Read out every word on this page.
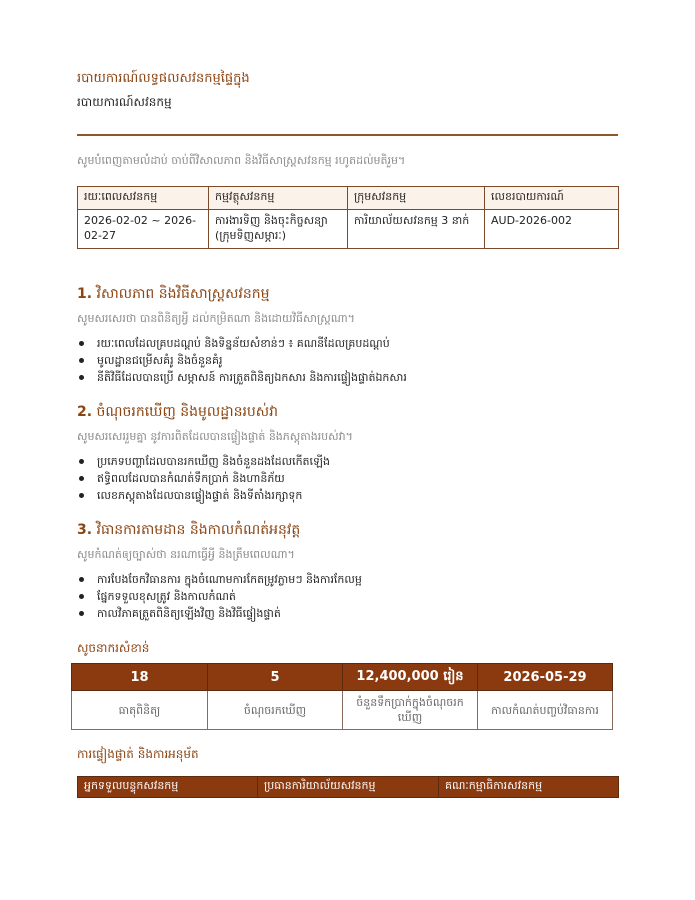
របាយការណ៍លទ្ធផលសវនកម្មផ្ទៃក្នុង
របាយការណ៍សវនកម្ម
សូមបំពេញតាមលំដាប់ ចាប់ពីវិសាលភាព និងវិធីសាស្ត្រសវនកម្ម រហូតដល់មតិរួម។
រយៈពេលសវនកម្ម	កម្មវត្ថុសវនកម្ម	ក្រុមសវនកម្ម	លេខរបាយការណ៍
2026-02-02 ~ 2026-02-27	ការងារទិញ និងចុះកិច្ចសន្យា (ក្រុមទិញសម្ភារៈ)	ការិយាល័យសវនកម្ម 3 នាក់	AUD-2026-002
1. វិសាលភាព និងវិធីសាស្ត្រសវនកម្ម
សូមសរសេរថា បានពិនិត្យអ្វី ដល់កម្រិតណា និងដោយវិធីសាស្ត្រណា។
រយៈពេលដែលគ្របដណ្តប់ និងទិន្នន័យសំខាន់ៗ ៖ គណនីដែលគ្របដណ្តប់
មូលដ្ឋានជម្រើសគំរូ និងចំនួនគំរូ
នីតិវិធីដែលបានប្រើ សម្ភាសន៍ ការត្រួតពិនិត្យឯកសារ និងការផ្ទៀងផ្ទាត់ឯកសារ
2. ចំណុចរកឃើញ និងមូលដ្ឋានរបស់វា
សូមសរសេររួមគ្នា នូវការពិតដែលបានផ្ទៀងផ្ទាត់ និងភស្តុតាងរបស់វា។
ប្រភេទបញ្ហាដែលបានរកឃើញ និងចំនួនដងដែលកើតឡើង
ឥទ្ធិពលដែលបានកំណត់ទឹកប្រាក់ និងហានិភ័យ
លេខភស្តុតាងដែលបានផ្ទៀងផ្ទាត់ និងទីតាំងរក្សាទុក
3. វិធានការតាមដាន និងកាលកំណត់អនុវត្ត
សូមកំណត់ឲ្យច្បាស់ថា នរណាធ្វើអ្វី និងត្រឹមពេលណា។
ការបែងចែកវិធានការ ក្នុងចំណោមការកែតម្រូវភ្លាមៗ និងការកែលម្អ
ផ្នែកទទួលខុសត្រូវ និងកាលកំណត់
កាលវិភាគត្រួតពិនិត្យឡើងវិញ និងវិធីផ្ទៀងផ្ទាត់
សូចនាករសំខាន់
18	5	12,400,000 រៀន	2026-05-29
ធាតុពិនិត្យ	ចំណុចរកឃើញ	ចំនួនទឹកប្រាក់ក្នុងចំណុចរកឃើញ	កាលកំណត់បញ្ចប់វិធានការ
ការផ្ទៀងផ្ទាត់ និងការអនុម័ត
អ្នកទទួលបន្ទុកសវនកម្ម	ប្រធានការិយាល័យសវនកម្ម	គណៈកម្មាធិការសវនកម្ម
